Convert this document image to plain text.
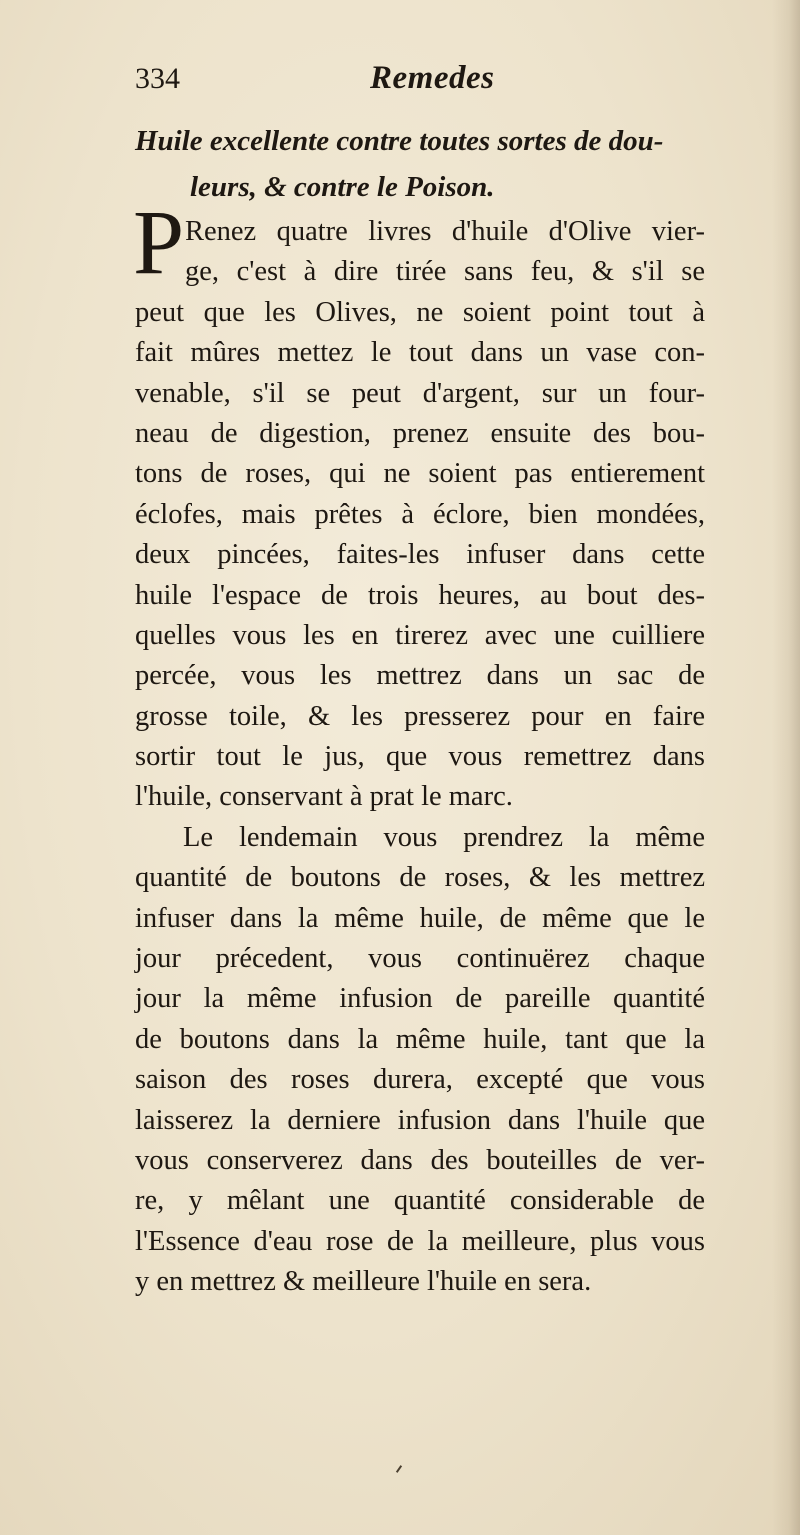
334	Remedes
Huile excellente contre toutes sortes de dou-
leurs, & contre le Poison.
P Renez quatre livres d'huile d'Olive vier-
ge, c'est à dire tirée sans feu, & s'il se
peut que les Olives, ne soient point tout à
fait mûres mettez le tout dans un vase con-
venable, s'il se peut d'argent, sur un four-
neau de digestion, prenez ensuite des bou-
tons de roses, qui ne soient pas entierement
éclofes, mais prêtes à éclore, bien mondées,
deux pincées, faites-les infuser dans cette
huile l'espace de trois heures, au bout des-
quelles vous les en tirerez avec une cuilliere
percée, vous les mettrez dans un sac de
grosse toile, & les presserez pour en faire
sortir tout le jus, que vous remettrez dans
l'huile, conservant à prat le marc.
Le lendemain vous prendrez la même
quantité de boutons de roses, & les mettrez
infuser dans la même huile, de même que le
jour précedent, vous continuërez chaque
jour la même infusion de pareille quantité
de boutons dans la même huile, tant que la
saison des roses durera, excepté que vous
laisserez la derniere infusion dans l'huile que
vous conserverez dans des bouteilles de ver-
re, y mêlant une quantité considerable de
l'Essence d'eau rose de la meilleure, plus vous
y en mettrez & meilleure l'huile en sera.
